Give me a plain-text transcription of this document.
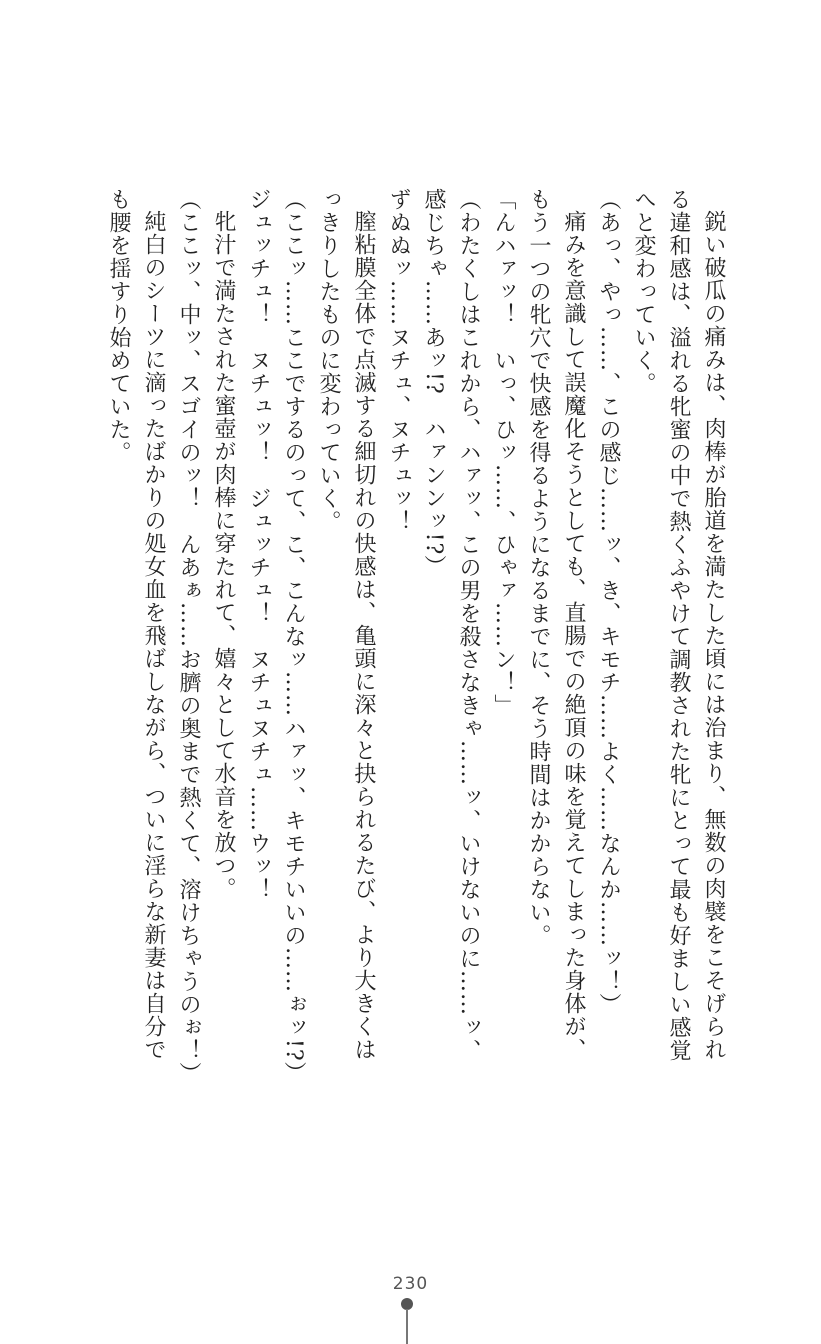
鋭い破瓜の痛みは、肉棒が胎道を満たした頃には治まり、無数の肉襞をこそげられる違和感は、溢れる牝蜜の中で熱くふやけて調教された牝にとって最も好ましい感覚へと変わっていく。

（あっ、やっ……、この感じ……ッ、き、キモチ……よく……なんか……ッ！）

痛みを意識して誤魔化そうとしても、直腸での絶頂の味を覚えてしまった身体が、もう一つの牝穴で快感を得るようになるまでに、そう時間はかからない。

「んハァッ！　いっ、ひッ……、ひゃァ……ン！」

（わたくしはこれから、ハァッ、この男を殺さなきゃ……ッ、いけないのに……ッ、感じちゃ……あッ!?　ハァンンッ!?）

ずぬぬッ……ヌチュ、ヌチュッ！

膣粘膜全体で点滅する細切れの快感は、亀頭に深々と抉られるたび、より大きくはっきりしたものに変わっていく。

（ここッ……ここでするのって、こ、こんなッ……ハァッ、キモチいいの……ぉッ!?）

ジュッチュ！　ヌチュッ！　ジュッチュ！　ヌチュヌチュ……ウッ！

牝汁で満たされた蜜壺が肉棒に穿たれて、嬉々として水音を放つ。

（ここッ、中ッ、スゴイのッ！　んあぁ……お臍の奥まで熱くて、溶けちゃうのぉ！）

純白のシーツに滴ったばかりの処女血を飛ばしながら、ついに淫らな新妻は自分でも腰を揺すり始めていた。

230
